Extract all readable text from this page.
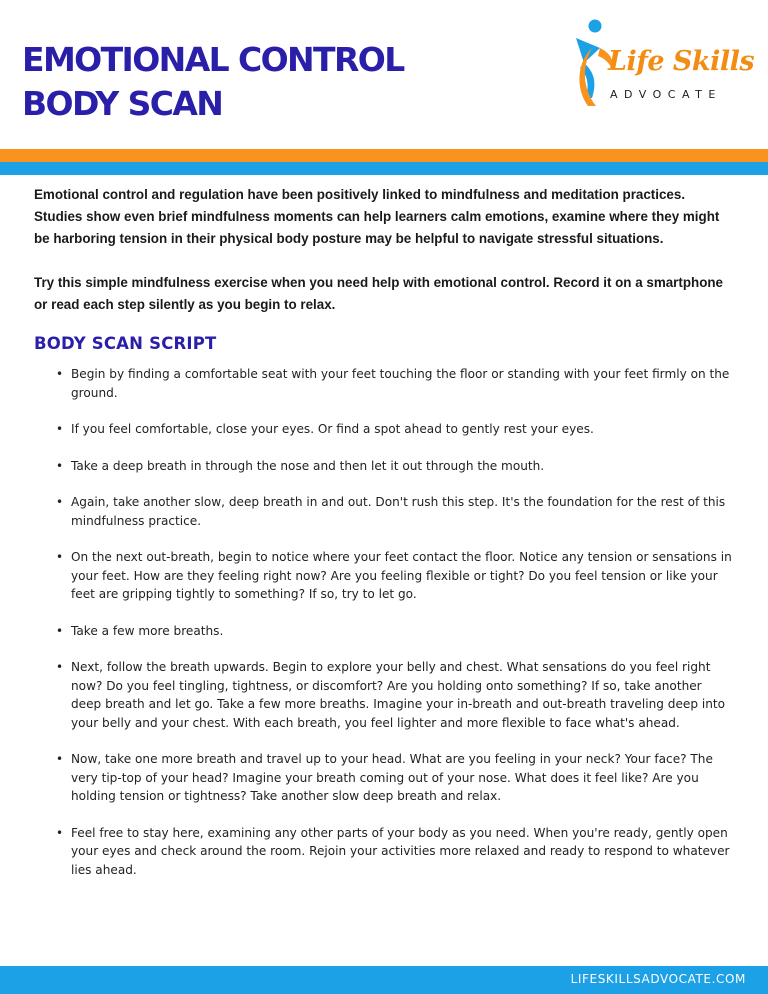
EMOTIONAL CONTROL
BODY SCAN
Life Skills
ADVOCATE

Emotional control and regulation have been positively linked to mindfulness and meditation practices. Studies show even brief mindfulness moments can help learners calm emotions, examine where they might be harboring tension in their physical body posture may be helpful to navigate stressful situations.

Try this simple mindfulness exercise when you need help with emotional control. Record it on a smartphone or read each step silently as you begin to relax.

BODY SCAN SCRIPT
• Begin by finding a comfortable seat with your feet touching the floor or standing with your feet firmly on the ground.
• If you feel comfortable, close your eyes. Or find a spot ahead to gently rest your eyes.
• Take a deep breath in through the nose and then let it out through the mouth.
• Again, take another slow, deep breath in and out. Don't rush this step. It's the foundation for the rest of this mindfulness practice.
• On the next out-breath, begin to notice where your feet contact the floor. Notice any tension or sensations in your feet. How are they feeling right now? Are you feeling flexible or tight? Do you feel tension or like your feet are gripping tightly to something? If so, try to let go.
• Take a few more breaths.
• Next, follow the breath upwards. Begin to explore your belly and chest. What sensations do you feel right now? Do you feel tingling, tightness, or discomfort? Are you holding onto something? If so, take another deep breath and let go. Take a few more breaths. Imagine your in-breath and out-breath traveling deep into your belly and your chest. With each breath, you feel lighter and more flexible to face what's ahead.
• Now, take one more breath and travel up to your head. What are you feeling in your neck? Your face? The very tip-top of your head? Imagine your breath coming out of your nose. What does it feel like? Are you holding tension or tightness? Take another slow deep breath and relax.
• Feel free to stay here, examining any other parts of your body as you need. When you're ready, gently open your eyes and check around the room. Rejoin your activities more relaxed and ready to respond to whatever lies ahead.
LIFESKILLSADVOCATE.COM
